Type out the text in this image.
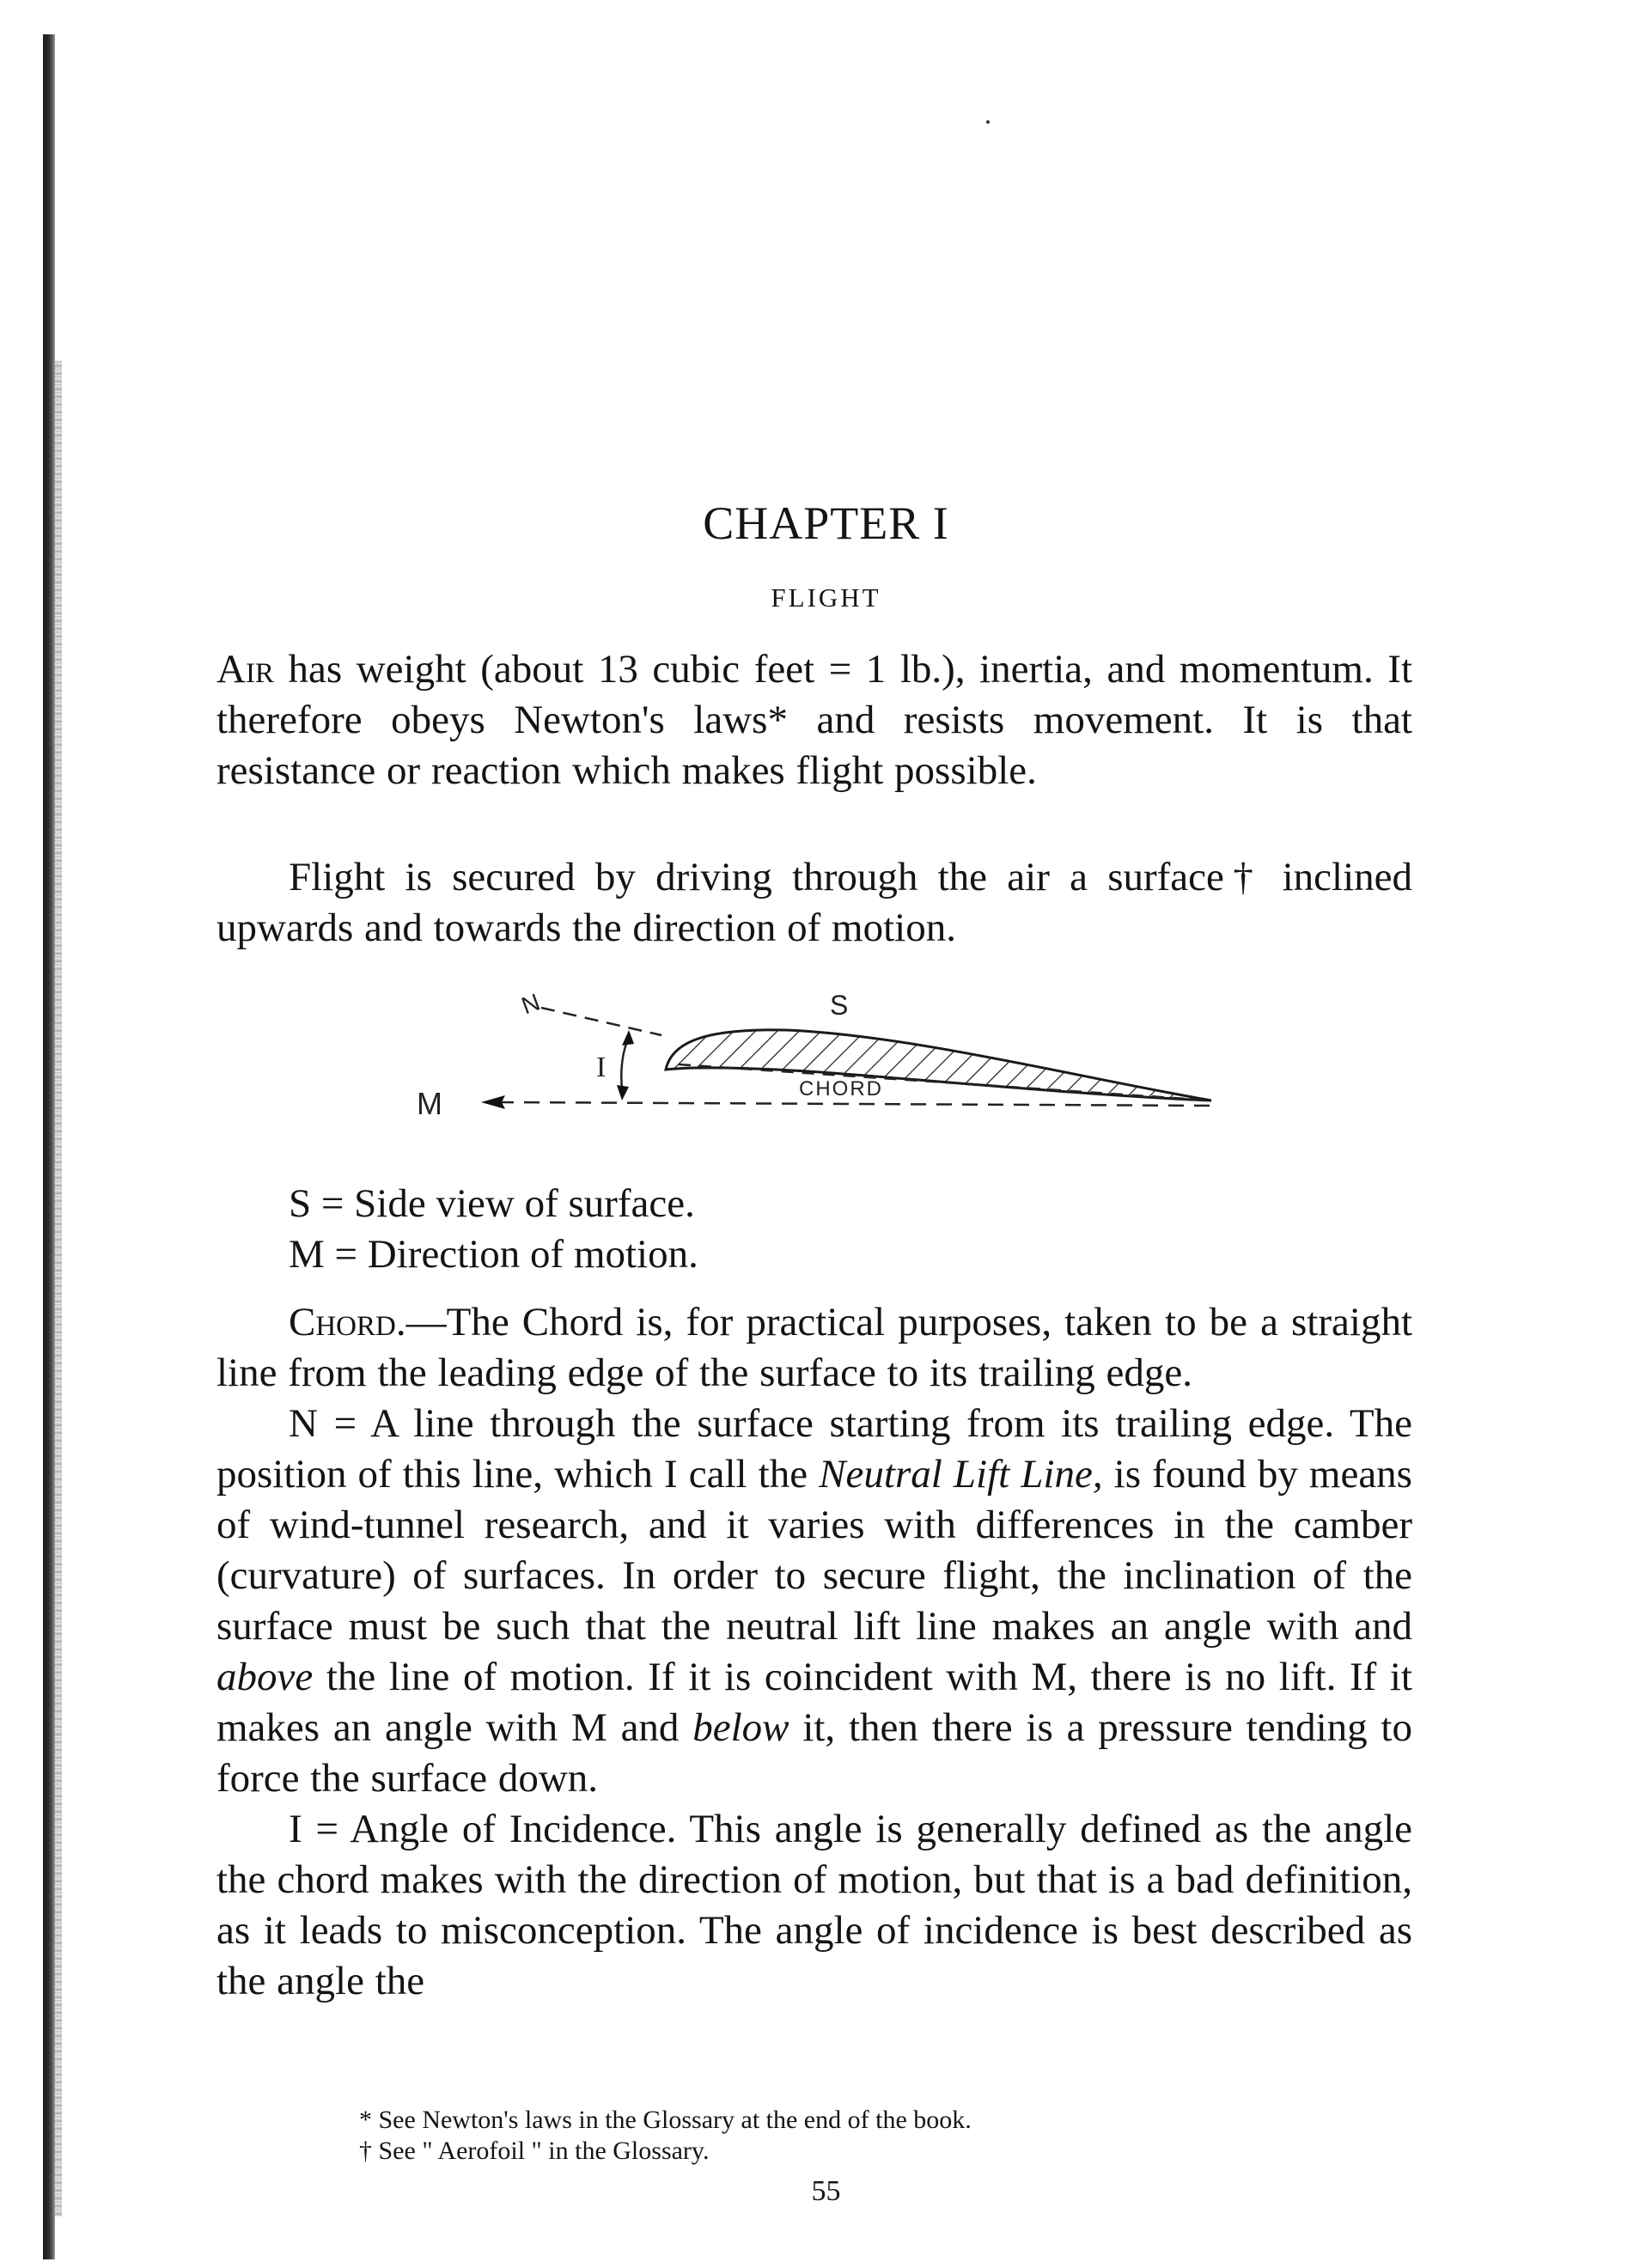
CHAPTER I
FLIGHT

Air has weight (about 13 cubic feet = 1 lb.), inertia, and momentum. It therefore obeys Newton's laws* and resists movement. It is that resistance or reaction which makes flight possible.

Flight is secured by driving through the air a surface† inclined upwards and towards the direction of motion.

N	S
I
CHORD
M
S = Side view of surface.
M = Direction of motion.

Chord.—The Chord is, for practical purposes, taken to be a straight line from the leading edge of the surface to its trailing edge.

N = A line through the surface starting from its trailing edge. The position of this line, which I call the Neutral Lift Line, is found by means of wind-tunnel research, and it varies with differences in the camber (curvature) of surfaces. In order to secure flight, the inclination of the surface must be such that the neutral lift line makes an angle with and above the line of motion. If it is coincident with M, there is no lift. If it makes an angle with M and below it, then there is a pressure tending to force the surface down.

I = Angle of Incidence. This angle is generally defined as the angle the chord makes with the direction of motion, but that is a bad definition, as it leads to misconception. The angle of incidence is best described as the angle the

* See Newton's laws in the Glossary at the end of the book.
† See " Aerofoil " in the Glossary.
55
